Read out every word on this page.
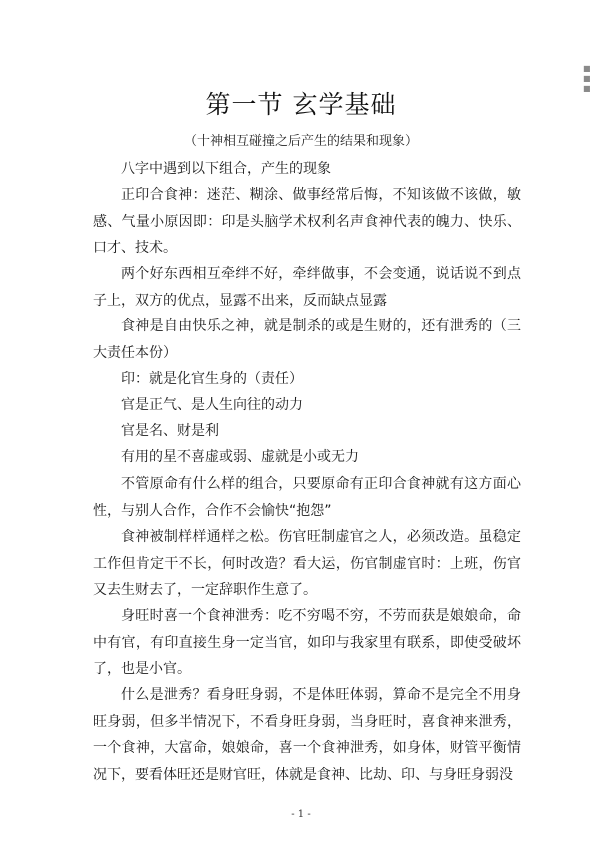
■
■
■
第一节 玄学基础
（十神相互碰撞之后产生的结果和现象）
八字中遇到以下组合，产生的现象
正印合食神：迷茫、糊涂、做事经常后悔，不知该做不该做，敏感、气量小原因即：印是头脑学术权利名声食神代表的魄力、快乐、口才、技术。
两个好东西相互牵绊不好，牵绊做事，不会变通，说话说不到点子上，双方的优点，显露不出来，反而缺点显露
食神是自由快乐之神，就是制杀的或是生财的，还有泄秀的（三大责任本份）
印：就是化官生身的（责任）
官是正气、是人生向往的动力
官是名、财是利
有用的星不喜虚或弱、虚就是小或无力
不管原命有什么样的组合，只要原命有正印合食神就有这方面心性，与别人合作，合作不会愉快“抱怨”
食神被制样样通样之松。伤官旺制虚官之人，必须改造。虽稳定工作但肯定干不长，何时改造？看大运，伤官制虚官时：上班，伤官又去生财去了，一定辞职作生意了。
身旺时喜一个食神泄秀：吃不穷喝不穷，不劳而获是娘娘命，命中有官，有印直接生身一定当官，如印与我家里有联系，即使受破坏了，也是小官。
什么是泄秀？看身旺身弱，不是体旺体弱，算命不是完全不用身旺身弱，但多半情况下，不看身旺身弱，当身旺时，喜食神来泄秀，一个食神，大富命，娘娘命，喜一个食神泄秀，如身体，财管平衡情况下，要看体旺还是财官旺，体就是食神、比劫、印、与身旺身弱没
- 1 -
